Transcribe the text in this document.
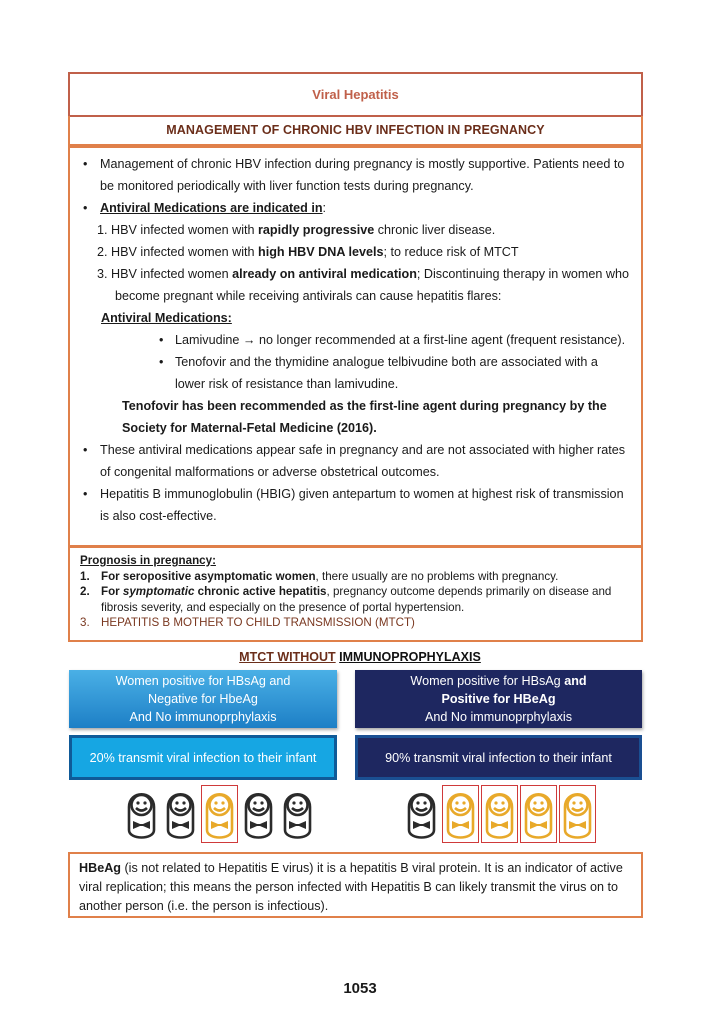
Viral Hepatitis
MANAGEMENT OF CHRONIC HBV INFECTION IN PREGNANCY
• Management of chronic HBV infection during pregnancy is mostly supportive. Patients need to be monitored periodically with liver function tests during pregnancy.
• Antiviral Medications are indicated in:
1. HBV infected women with rapidly progressive chronic liver disease.
2. HBV infected women with high HBV DNA levels; to reduce risk of MTCT
3. HBV infected women already on antiviral medication; Discontinuing therapy in women who become pregnant while receiving antivirals can cause hepatitis flares:
Antiviral Medications:
• Lamivudine → no longer recommended at a first-line agent (frequent resistance).
• Tenofovir and the thymidine analogue telbivudine both are associated with a lower risk of resistance than lamivudine.
Tenofovir has been recommended as the first-line agent during pregnancy by the Society for Maternal-Fetal Medicine (2016).
• These antiviral medications appear safe in pregnancy and are not associated with higher rates of congenital malformations or adverse obstetrical outcomes.
• Hepatitis B immunoglobulin (HBIG) given antepartum to women at highest risk of transmission is also cost-effective.
Prognosis in pregnancy:
1. For seropositive asymptomatic women, there usually are no problems with pregnancy.
2. For symptomatic chronic active hepatitis, pregnancy outcome depends primarily on disease and fibrosis severity, and especially on the presence of portal hypertension.
3. HEPATITIS B MOTHER TO CHILD TRANSMISSION (MTCT)
MTCT WITHOUT IMMUNOPROPHYLAXIS
Women positive for HBsAg and
Negative for HbeAg
And No immunoprphylaxis
20% transmit viral infection to their infant
Women positive for HBsAg and
Positive for HBeAg
And No immunoprphylaxis
90% transmit viral infection to their infant
HBeAg (is not related to Hepatitis E virus) it is a hepatitis B viral protein. It is an indicator of active viral replication; this means the person infected with Hepatitis B can likely transmit the virus on to another person (i.e. the person is infectious).
1053
